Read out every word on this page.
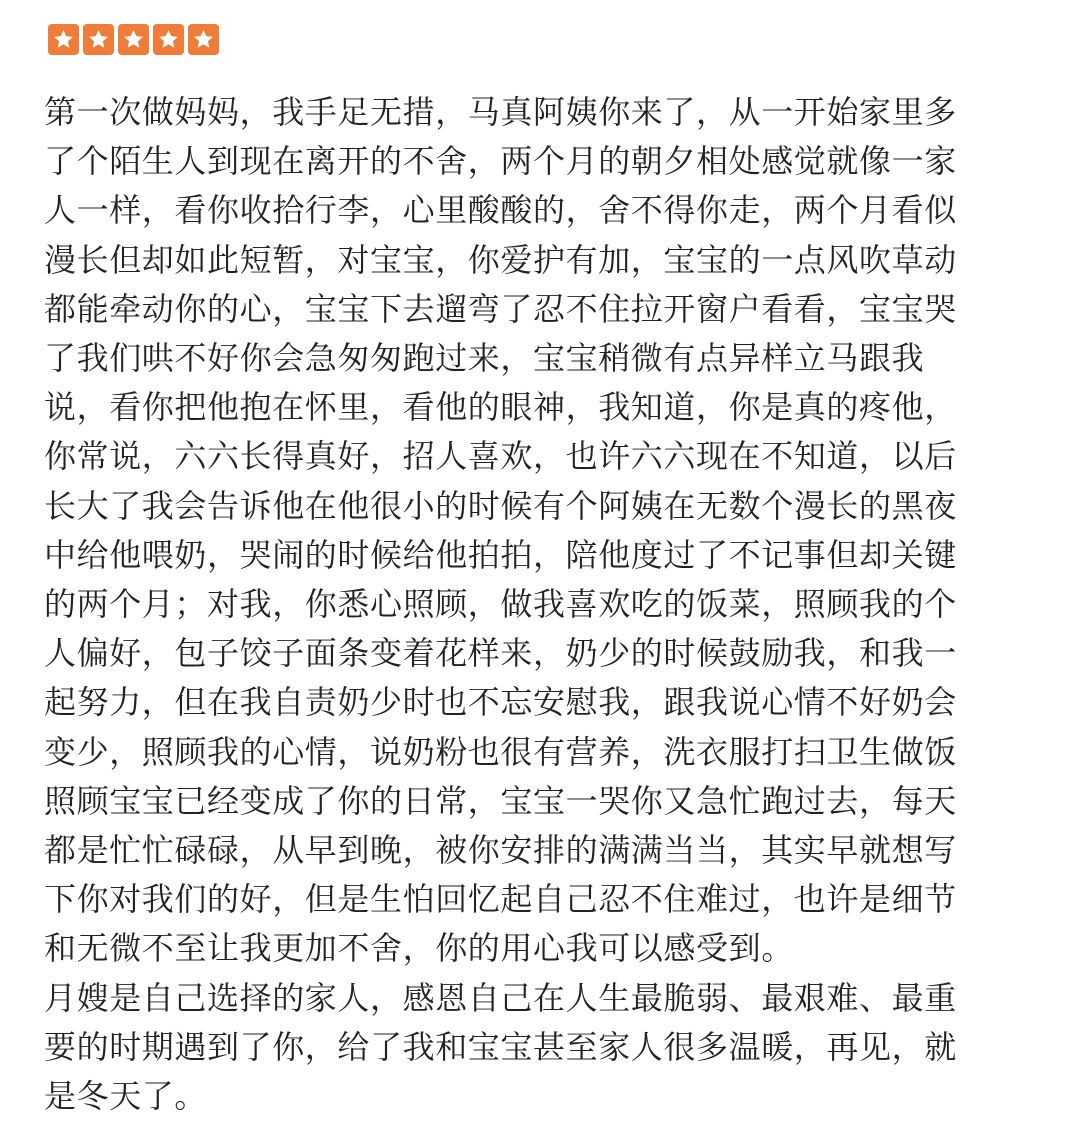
第一次做妈妈，我手足无措，马真阿姨你来了，从一开始家里多
了个陌生人到现在离开的不舍，两个月的朝夕相处感觉就像一家
人一样，看你收拾行李，心里酸酸的，舍不得你走，两个月看似
漫长但却如此短暂，对宝宝，你爱护有加，宝宝的一点风吹草动
都能牵动你的心，宝宝下去遛弯了忍不住拉开窗户看看，宝宝哭
了我们哄不好你会急匆匆跑过来，宝宝稍微有点异样立马跟我
说，看你把他抱在怀里，看他的眼神，我知道，你是真的疼他，
你常说，六六长得真好，招人喜欢，也许六六现在不知道，以后
长大了我会告诉他在他很小的时候有个阿姨在无数个漫长的黑夜
中给他喂奶，哭闹的时候给他拍拍，陪他度过了不记事但却关键
的两个月；对我，你悉心照顾，做我喜欢吃的饭菜，照顾我的个
人偏好，包子饺子面条变着花样来，奶少的时候鼓励我，和我一
起努力，但在我自责奶少时也不忘安慰我，跟我说心情不好奶会
变少，照顾我的心情，说奶粉也很有营养，洗衣服打扫卫生做饭
照顾宝宝已经变成了你的日常，宝宝一哭你又急忙跑过去，每天
都是忙忙碌碌，从早到晚，被你安排的满满当当，其实早就想写
下你对我们的好，但是生怕回忆起自己忍不住难过，也许是细节
和无微不至让我更加不舍，你的用心我可以感受到。
月嫂是自己选择的家人，感恩自己在人生最脆弱、最艰难、最重
要的时期遇到了你，给了我和宝宝甚至家人很多温暖，再见，就
是冬天了。
